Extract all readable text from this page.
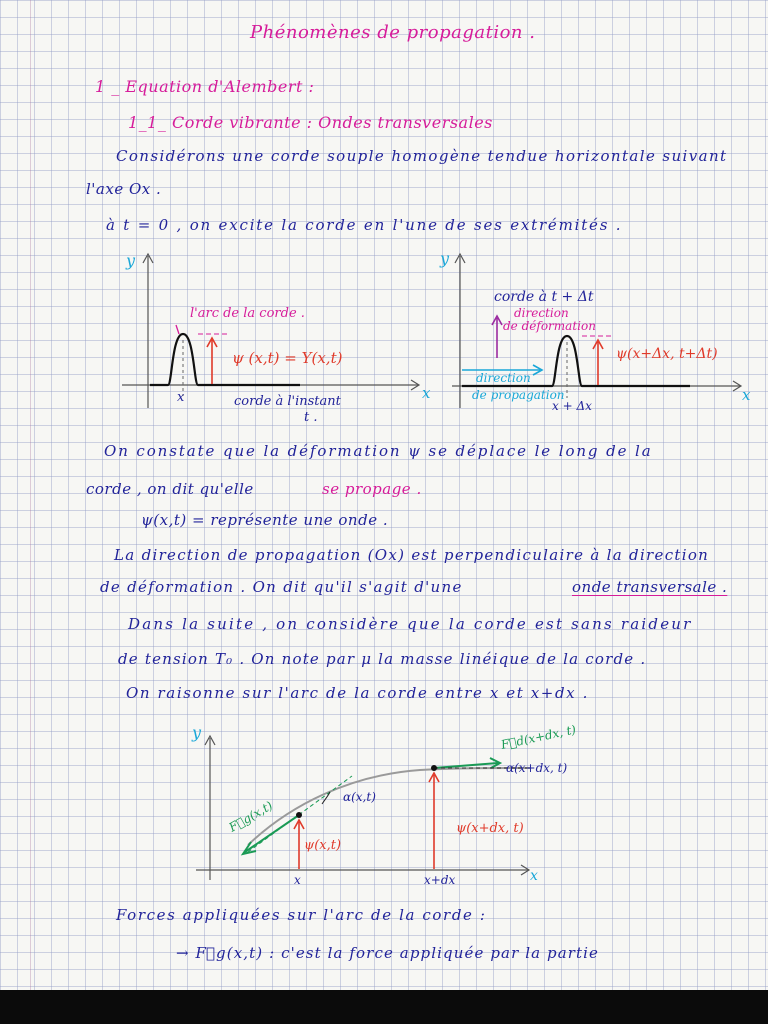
Phénomènes de propagation .
1 _ Equation d'Alembert :
1_1_ Corde vibrante : Ondes transversales
Considérons une corde souple homogène tendue horizontale suivant
l'axe Ox .
à t = 0 , on excite la corde en l'une de ses extrémités .
y
x
l'arc de la corde .
ψ (x,t) = Y(x,t)
x	corde à l'instant
t .
y
x
corde à t + Δt
direction
de déformation
direction
de propagation
ψ(x+Δx, t+Δt)
x + Δx
On constate que la déformation ψ se déplace le long de la
corde , on dit qu'elle	se propage .
ψ(x,t) = représente une onde .
La direction de propagation (Ox) est perpendiculaire à la direction
de déformation . On dit qu'il s'agit d'une	onde transversale .
Dans la suite , on considère que la corde est sans raideur
de tension T₀ . On note par μ la masse linéique de la corde .
On raisonne sur l'arc de la corde entre x et x+dx .
y
x
F⃗g(x,t)
F⃗d(x+dx, t)
α(x,t)
α(x+dx, t)
ψ(x,t)
ψ(x+dx, t)
x	x+dx
Forces appliquées sur l'arc de la corde :
→ F⃗g(x,t) : c'est la force appliquée par la partie
